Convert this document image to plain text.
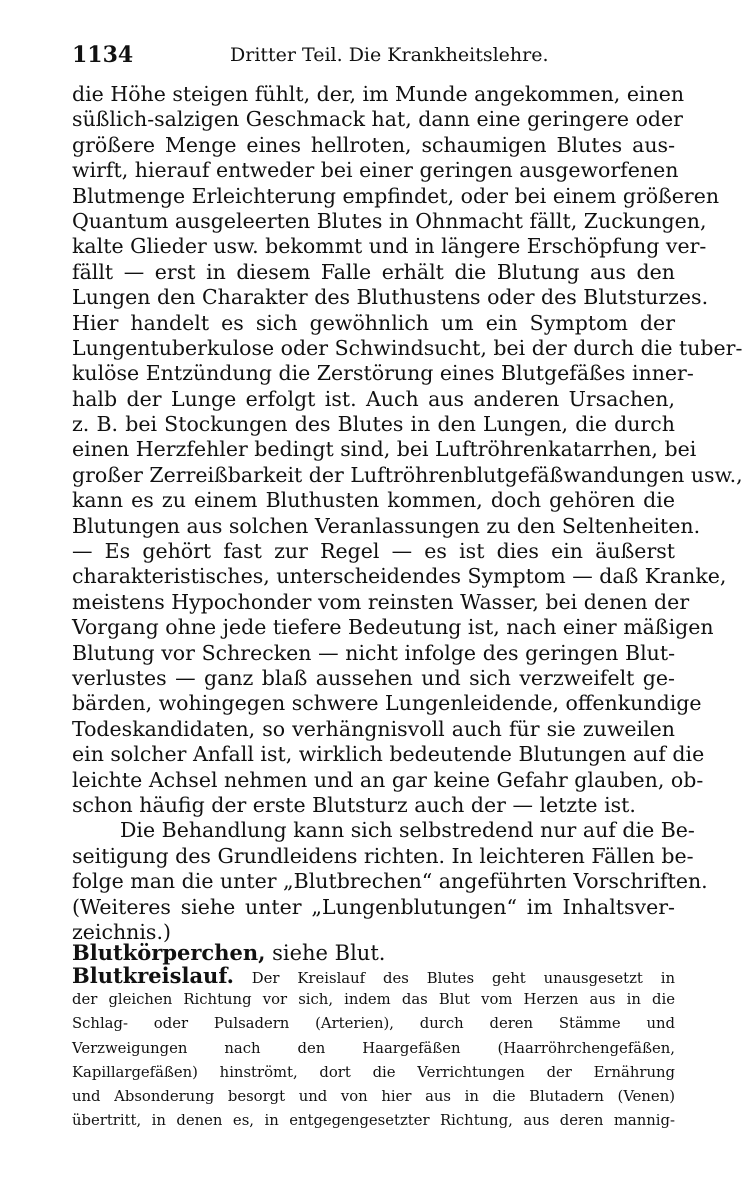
1134	Dritter Teil. Die Krankheitslehre.
die Höhe steigen fühlt, der, im Munde angekommen, einen
süßlich-salzigen Geschmack hat, dann eine geringere oder
größere Menge eines hellroten, schaumigen Blutes aus-
wirft, hierauf entweder bei einer geringen ausgeworfenen
Blutmenge Erleichterung empfindet, oder bei einem größeren
Quantum ausgeleerten Blutes in Ohnmacht fällt, Zuckungen,
kalte Glieder usw. bekommt und in längere Erschöpfung ver-
fällt — erst in diesem Falle erhält die Blutung aus den
Lungen den Charakter des Bluthustens oder des Blutsturzes.
Hier handelt es sich gewöhnlich um ein Symptom der
Lungentuberkulose oder Schwindsucht, bei der durch die tuber-
kulöse Entzündung die Zerstörung eines Blutgefäßes inner-
halb der Lunge erfolgt ist. Auch aus anderen Ursachen,
z. B. bei Stockungen des Blutes in den Lungen, die durch
einen Herzfehler bedingt sind, bei Luftröhrenkatarrhen, bei
großer Zerreißbarkeit der Luftröhrenblutgefäßwandungen usw.,
kann es zu einem Bluthusten kommen, doch gehören die
Blutungen aus solchen Veranlassungen zu den Seltenheiten.
— Es gehört fast zur Regel — es ist dies ein äußerst
charakteristisches, unterscheidendes Symptom — daß Kranke,
meistens Hypochonder vom reinsten Wasser, bei denen der
Vorgang ohne jede tiefere Bedeutung ist, nach einer mäßigen
Blutung vor Schrecken — nicht infolge des geringen Blut-
verlustes — ganz blaß aussehen und sich verzweifelt ge-
bärden, wohingegen schwere Lungenleidende, offenkundige
Todeskandidaten, so verhängnisvoll auch für sie zuweilen
ein solcher Anfall ist, wirklich bedeutende Blutungen auf die
leichte Achsel nehmen und an gar keine Gefahr glauben, ob-
schon häufig der erste Blutsturz auch der — letzte ist.
Die Behandlung kann sich selbstredend nur auf die Be-
seitigung des Grundleidens richten. In leichteren Fällen be-
folge man die unter „Blutbrechen“ angeführten Vorschriften.
(Weiteres siehe unter „Lungenblutungen“ im Inhaltsver-
zeichnis.)
Blutkörperchen, siehe Blut.
Blutkreislauf. Der Kreislauf des Blutes geht unausgesetzt in
der gleichen Richtung vor sich, indem das Blut vom Herzen aus in die
Schlag- oder Pulsadern (Arterien), durch deren Stämme und
Verzweigungen nach den Haargefäßen (Haarröhrchengefäßen,
Kapillargefäßen) hinströmt, dort die Verrichtungen der Ernährung
und Absonderung besorgt und von hier aus in die Blutadern (Venen)
übertritt, in denen es, in entgegengesetzter Richtung, aus deren mannig-
